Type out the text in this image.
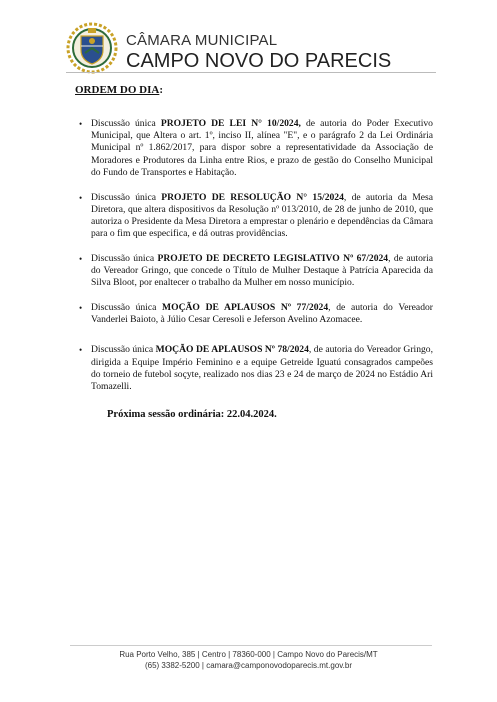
CÂMARA MUNICIPAL
CAMPO NOVO DO PARECIS
ORDEM DO DIA:
• Discussão única PROJETO DE LEI N° 10/2024, de autoria do Poder Executivo Municipal, que Altera o art. 1º, inciso II, alínea "E", e o parágrafo 2 da Lei Ordinária Municipal nº 1.862/2017, para dispor sobre a representatividade da Associação de Moradores e Produtores da Linha entre Rios, e prazo de gestão do Conselho Municipal do Fundo de Transportes e Habitação.
• Discussão única PROJETO DE RESOLUÇÃO N° 15/2024, de autoria da Mesa Diretora, que altera dispositivos da Resolução nº 013/2010, de 28 de junho de 2010, que autoriza o Presidente da Mesa Diretora a emprestar o plenário e dependências da Câmara para o fim que especifica, e dá outras providências.
• Discussão única PROJETO DE DECRETO LEGISLATIVO Nº 67/2024, de autoria do Vereador Gringo, que concede o Título de Mulher Destaque à Patrícia Aparecida da Silva Bloot, por enaltecer o trabalho da Mulher em nosso município.
• Discussão única MOÇÃO DE APLAUSOS Nº 77/2024, de autoria do Vereador Vanderlei Baioto, à Júlio Cesar Ceresoli e Jeferson Avelino Azomacee.
• Discussão única MOÇÃO DE APLAUSOS Nº 78/2024, de autoria do Vereador Gringo, dirigida a Equipe Império Feminino e a equipe Getreide Iguatú consagrados campeões do torneio de futebol soçyte, realizado nos dias 23 e 24 de março de 2024 no Estádio Ari Tomazelli.
Próxima sessão ordinária: 22.04.2024.
Rua Porto Velho, 385 | Centro | 78360-000 | Campo Novo do Parecis/MT
(65) 3382-5200 | camara@camponovodoparecis.mt.gov.br
